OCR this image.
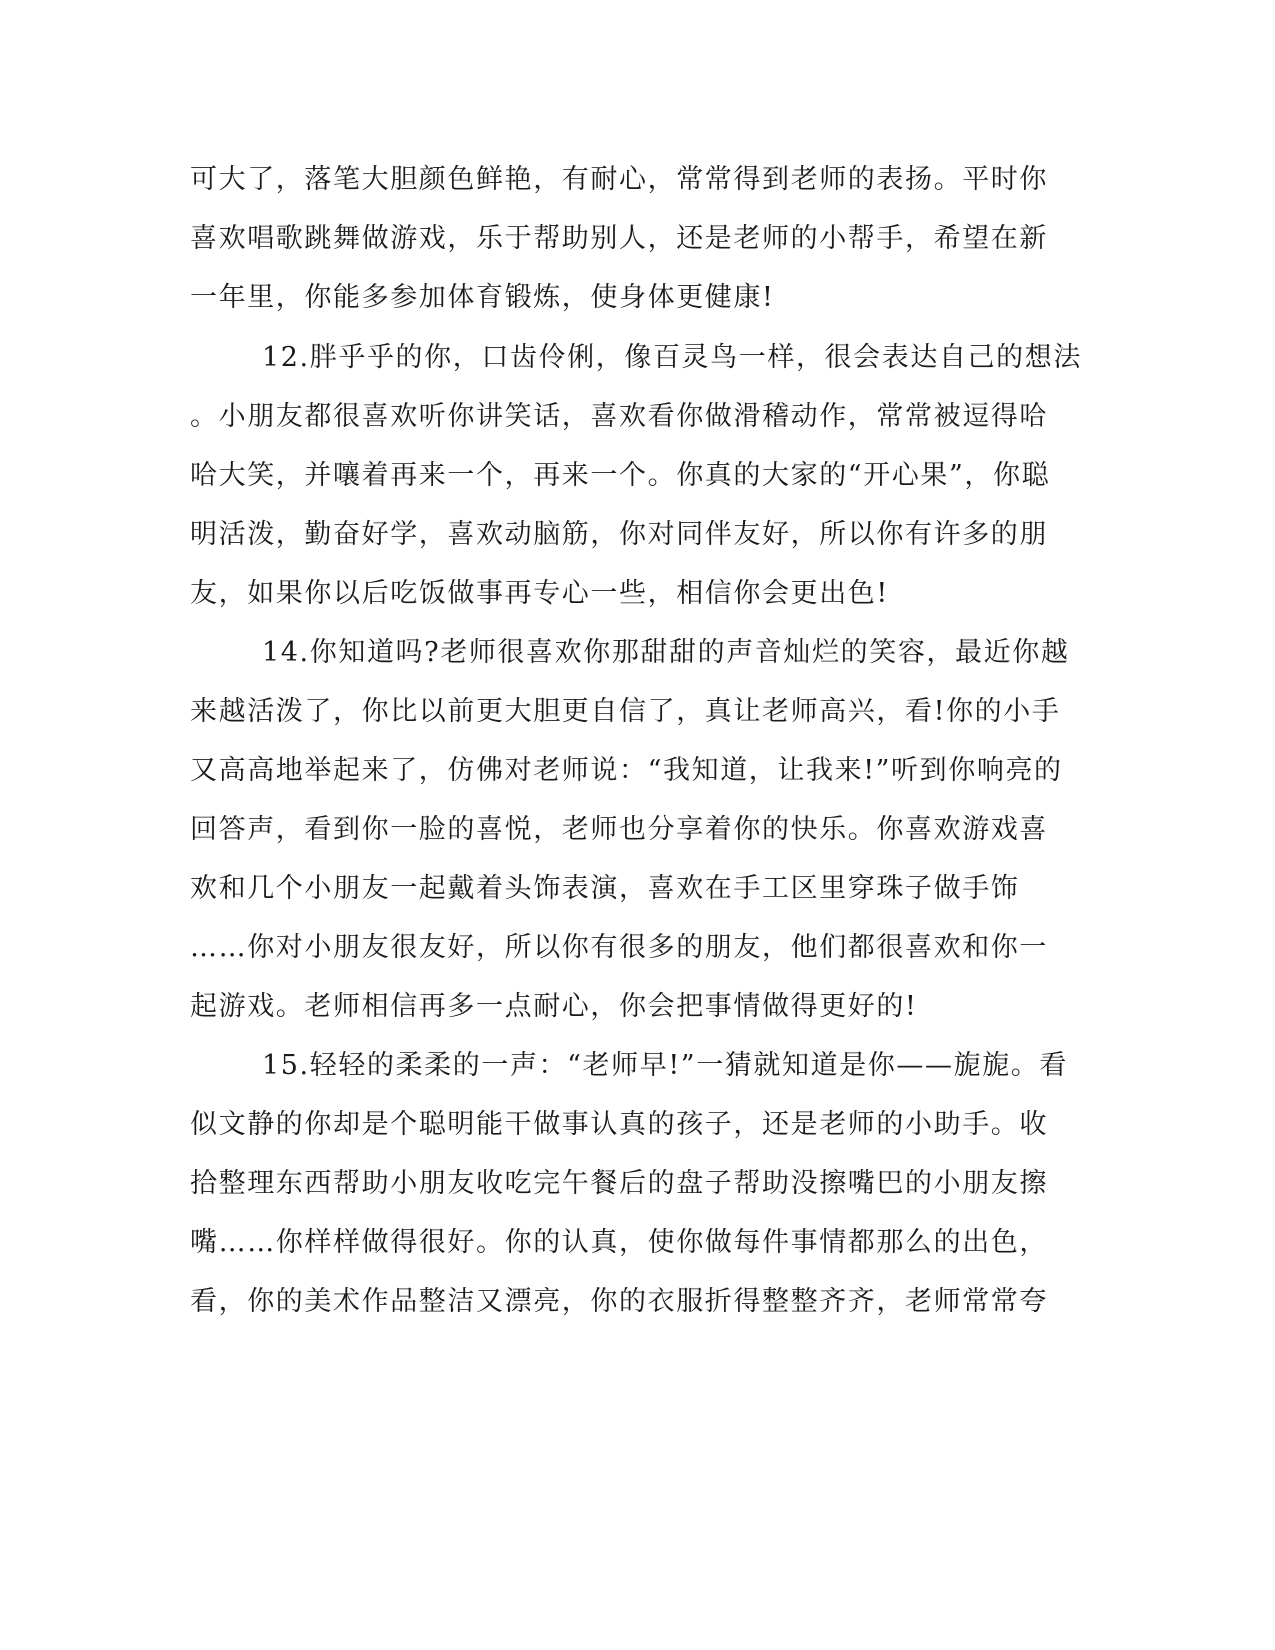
可大了，落笔大胆颜色鲜艳，有耐心，常常得到老师的表扬。平时你
喜欢唱歌跳舞做游戏，乐于帮助别人，还是老师的小帮手，希望在新
一年里，你能多参加体育锻炼，使身体更健康!
12.胖乎乎的你，口齿伶俐，像百灵鸟一样，很会表达自己的想法
。小朋友都很喜欢听你讲笑话，喜欢看你做滑稽动作，常常被逗得哈
哈大笑，并嚷着再来一个，再来一个。你真的大家的“开心果”，你聪
明活泼，勤奋好学，喜欢动脑筋，你对同伴友好，所以你有许多的朋
友，如果你以后吃饭做事再专心一些，相信你会更出色!
14.你知道吗?老师很喜欢你那甜甜的声音灿烂的笑容，最近你越
来越活泼了，你比以前更大胆更自信了，真让老师高兴，看!你的小手
又高高地举起来了，仿佛对老师说：“我知道，让我来!”听到你响亮的
回答声，看到你一脸的喜悦，老师也分享着你的快乐。你喜欢游戏喜
欢和几个小朋友一起戴着头饰表演，喜欢在手工区里穿珠子做手饰
……你对小朋友很友好，所以你有很多的朋友，他们都很喜欢和你一
起游戏。老师相信再多一点耐心，你会把事情做得更好的!
15.轻轻的柔柔的一声：“老师早!”一猜就知道是你——旎旎。看
似文静的你却是个聪明能干做事认真的孩子，还是老师的小助手。收
拾整理东西帮助小朋友收吃完午餐后的盘子帮助没擦嘴巴的小朋友擦
嘴……你样样做得很好。你的认真，使你做每件事情都那么的出色，
看，你的美术作品整洁又漂亮，你的衣服折得整整齐齐，老师常常夸
